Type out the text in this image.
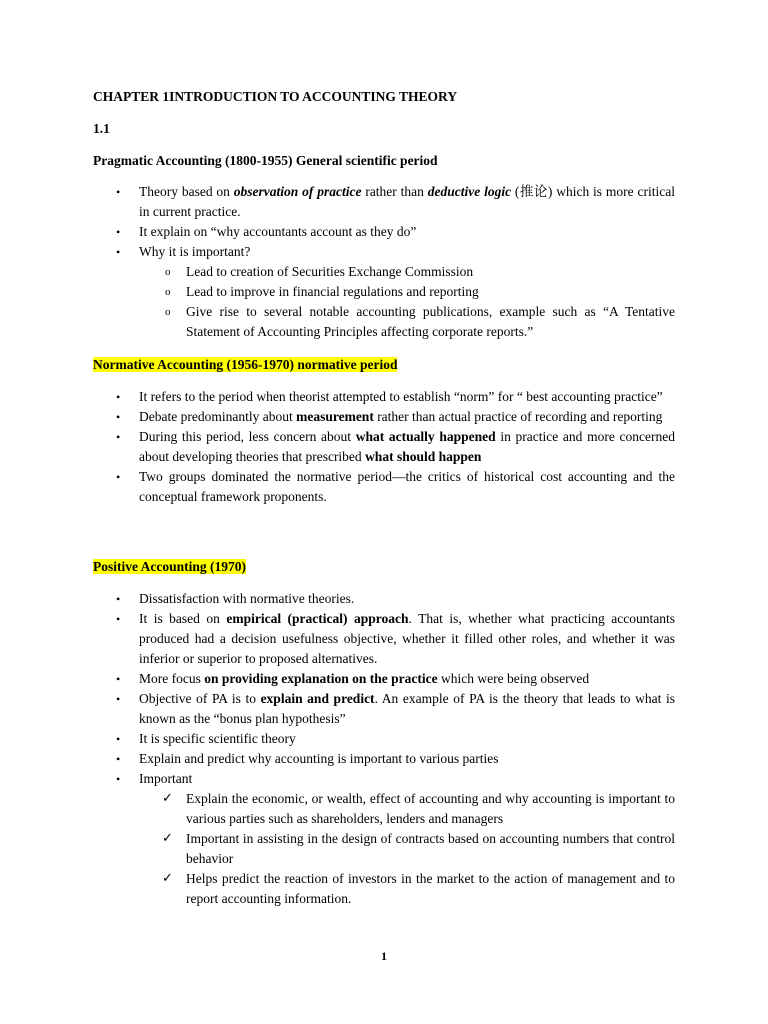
CHAPTER 1INTRODUCTION TO ACCOUNTING THEORY
1.1
Pragmatic Accounting (1800-1955) General scientific period
• Theory based on observation of practice rather than deductive logic (推论) which is more critical in current practice.
• It explain on “why accountants account as they do”
• Why it is important?
o Lead to creation of Securities Exchange Commission
o Lead to improve in financial regulations and reporting
o Give rise to several notable accounting publications, example such as “A Tentative Statement of Accounting Principles affecting corporate reports.”
Normative Accounting (1956-1970) normative period
• It refers to the period when theorist attempted to establish “norm” for “ best accounting practice”
• Debate predominantly about measurement rather than actual practice of recording and reporting
• During this period, less concern about what actually happened in practice and more concerned about developing theories that prescribed what should happen
• Two groups dominated the normative period—the critics of historical cost accounting and the conceptual framework proponents.
Positive Accounting (1970)
• Dissatisfaction with normative theories.
• It is based on empirical (practical) approach. That is, whether what practicing accountants produced had a decision usefulness objective, whether it filled other roles, and whether it was inferior or superior to proposed alternatives.
• More focus on providing explanation on the practice which were being observed
• Objective of PA is to explain and predict. An example of PA is the theory that leads to what is known as the “bonus plan hypothesis”
• It is specific scientific theory
• Explain and predict why accounting is important to various parties
• Important
✓ Explain the economic, or wealth, effect of accounting and why accounting is important to various parties such as shareholders, lenders and managers
✓ Important in assisting in the design of contracts based on accounting numbers that control behavior
✓ Helps predict the reaction of investors in the market to the action of management and to report accounting information.
1
